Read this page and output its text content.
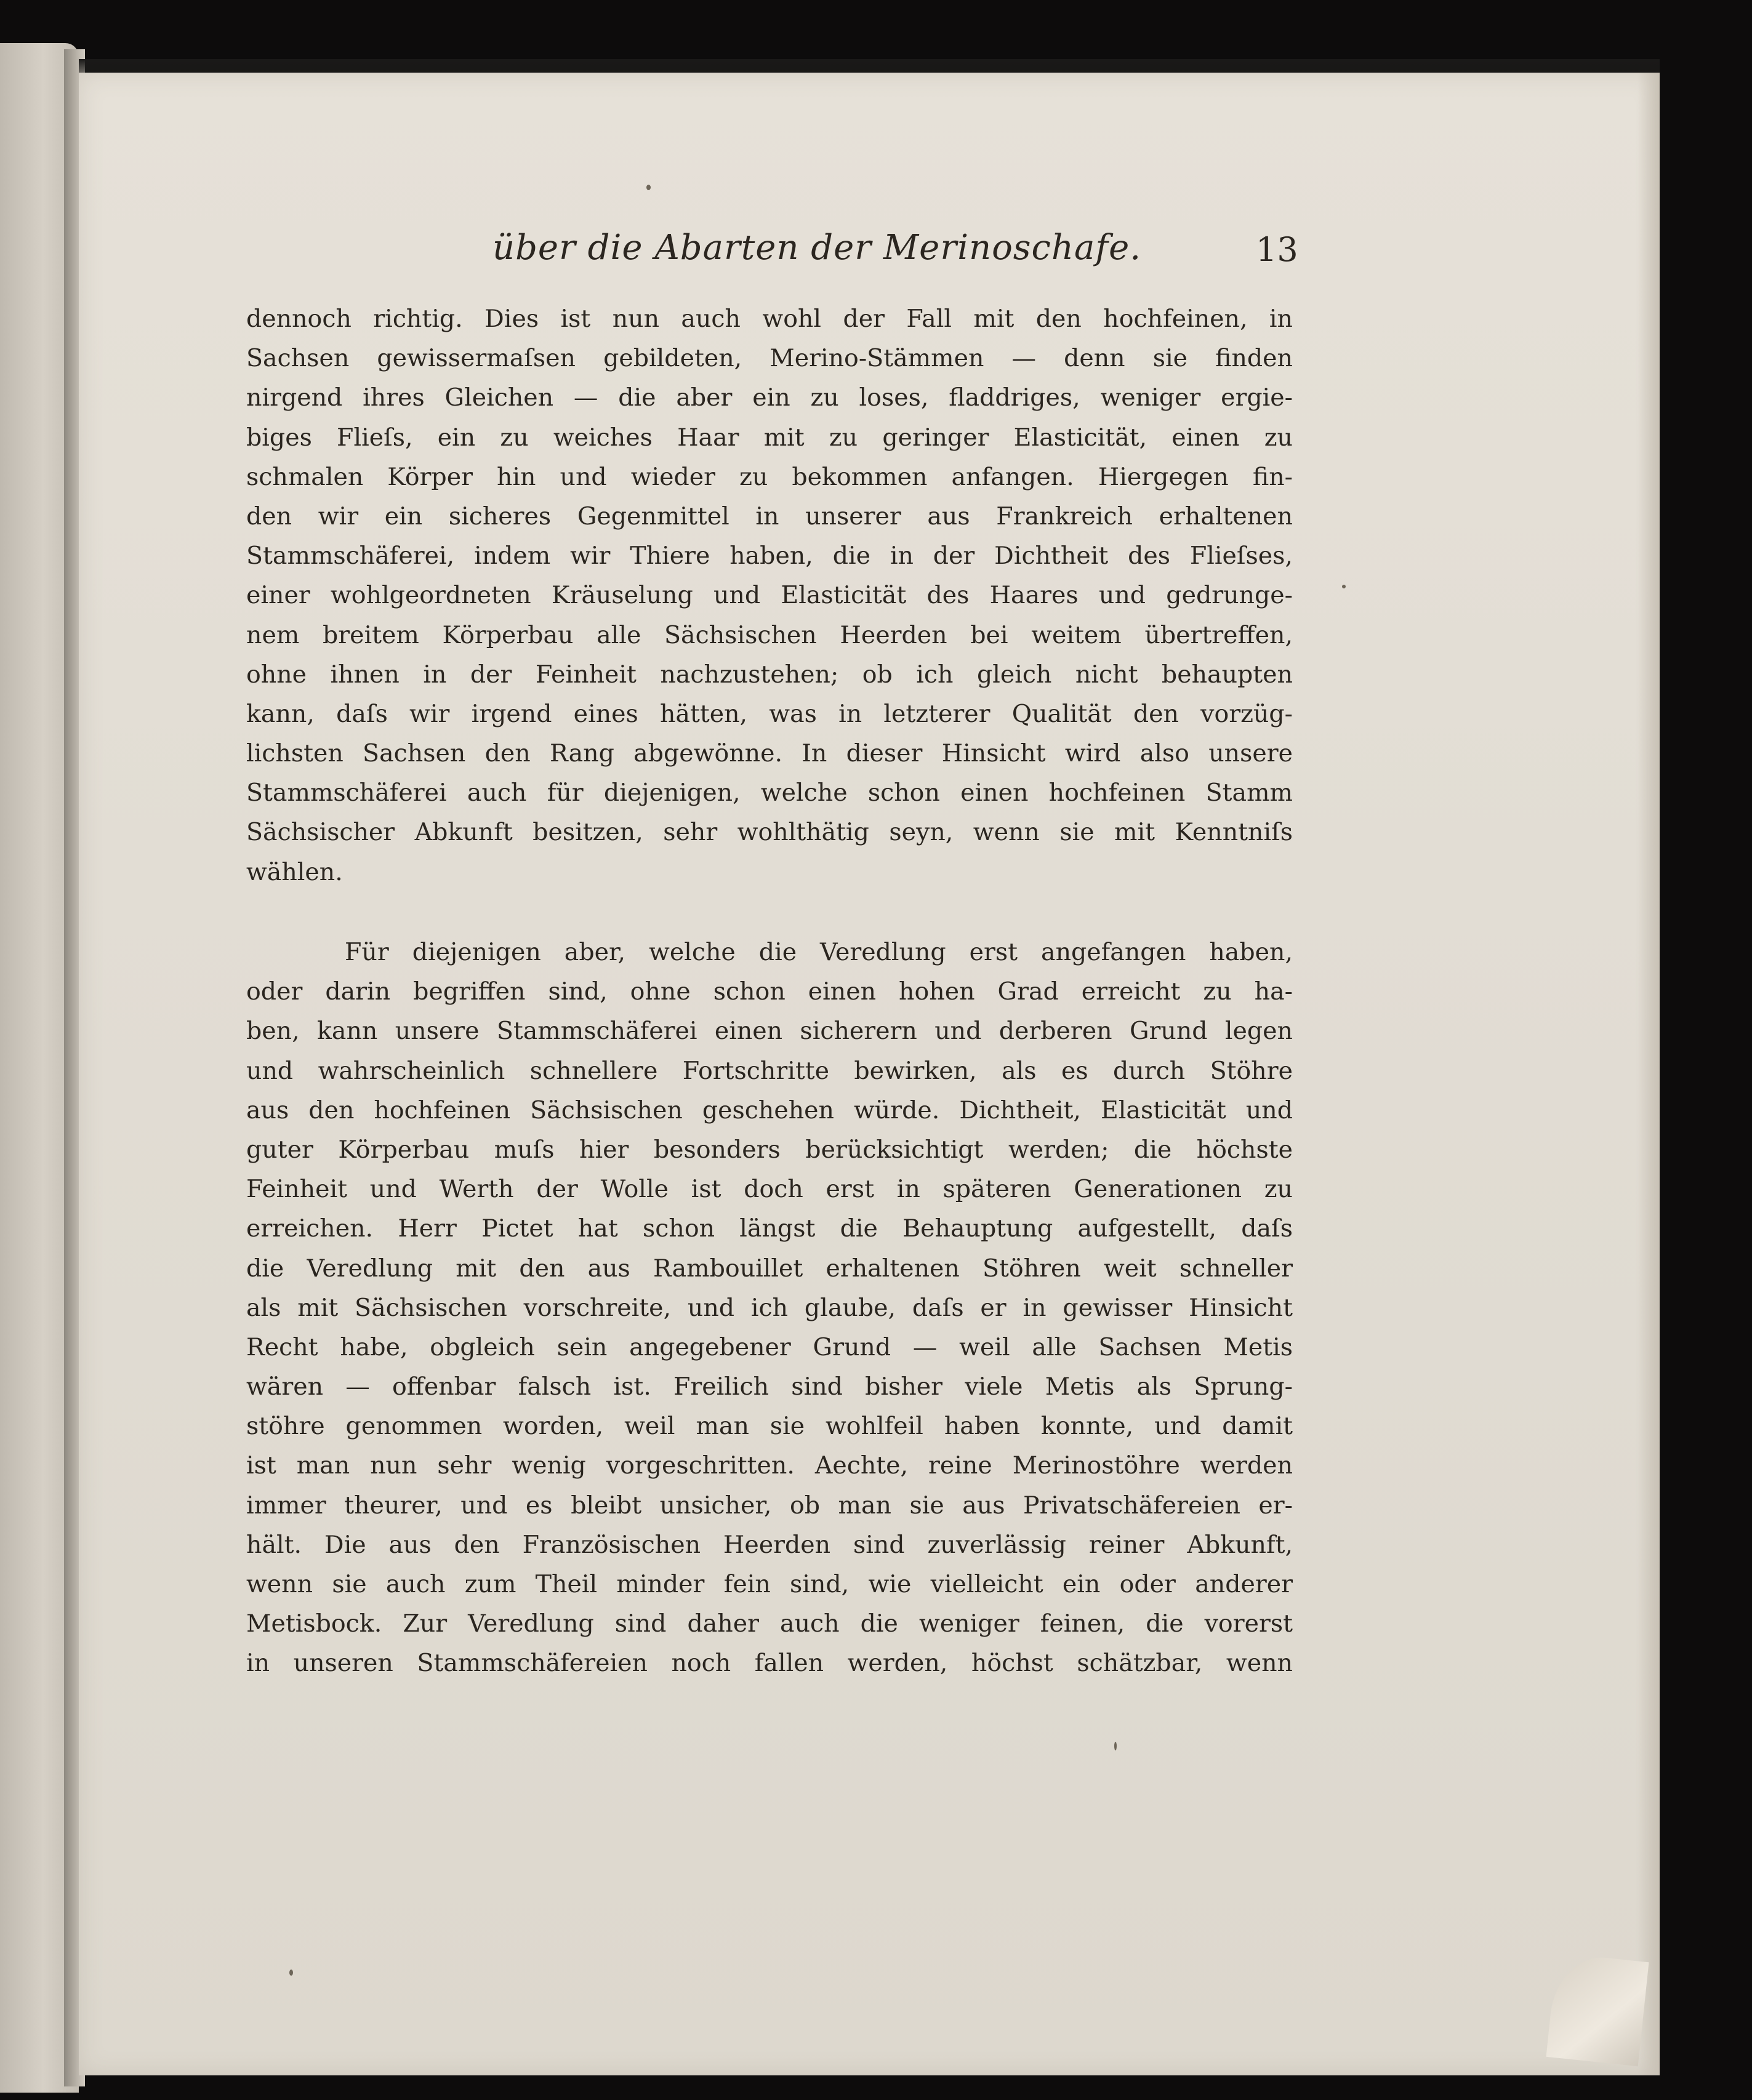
über die Abarten der Merinoschafe.	13
dennoch richtig. Dies ist nun auch wohl der Fall mit den hochfeinen, in
Sachsen gewissermaſsen gebildeten, Merino-Stämmen — denn sie finden
nirgend ihres Gleichen — die aber ein zu loses, fladdriges, weniger ergie-
biges Flieſs, ein zu weiches Haar mit zu geringer Elasticität, einen zu
schmalen Körper hin und wieder zu bekommen anfangen. Hiergegen fin-
den wir ein sicheres Gegenmittel in unserer aus Frankreich erhaltenen
Stammschäferei, indem wir Thiere haben, die in der Dichtheit des Flieſses,
einer wohlgeordneten Kräuselung und Elasticität des Haares und gedrunge-
nem breitem Körperbau alle Sächsischen Heerden bei weitem übertreffen,
ohne ihnen in der Feinheit nachzustehen; ob ich gleich nicht behaupten
kann, daſs wir irgend eines hätten, was in letzterer Qualität den vorzüg-
lichsten Sachsen den Rang abgewönne. In dieser Hinsicht wird also unsere
Stammschäferei auch für diejenigen, welche schon einen hochfeinen Stamm
Sächsischer Abkunft besitzen, sehr wohlthätig seyn, wenn sie mit Kenntniſs
wählen.
Für diejenigen aber, welche die Veredlung erst angefangen haben,
oder darin begriffen sind, ohne schon einen hohen Grad erreicht zu ha-
ben, kann unsere Stammschäferei einen sicherern und derberen Grund legen
und wahrscheinlich schnellere Fortschritte bewirken, als es durch Stöhre
aus den hochfeinen Sächsischen geschehen würde. Dichtheit, Elasticität und
guter Körperbau muſs hier besonders berücksichtigt werden; die höchste
Feinheit und Werth der Wolle ist doch erst in späteren Generationen zu
erreichen. Herr Pictet hat schon längst die Behauptung aufgestellt, daſs
die Veredlung mit den aus Rambouillet erhaltenen Stöhren weit schneller
als mit Sächsischen vorschreite, und ich glaube, daſs er in gewisser Hinsicht
Recht habe, obgleich sein angegebener Grund — weil alle Sachsen Metis
wären — offenbar falsch ist. Freilich sind bisher viele Metis als Sprung-
stöhre genommen worden, weil man sie wohlfeil haben konnte, und damit
ist man nun sehr wenig vorgeschritten. Aechte, reine Merinostöhre werden
immer theurer, und es bleibt unsicher, ob man sie aus Privatschäfereien er-
hält. Die aus den Französischen Heerden sind zuverlässig reiner Abkunft,
wenn sie auch zum Theil minder fein sind, wie vielleicht ein oder anderer
Metisbock. Zur Veredlung sind daher auch die weniger feinen, die vorerst
in unseren Stammschäfereien noch fallen werden, höchst schätzbar, wenn
